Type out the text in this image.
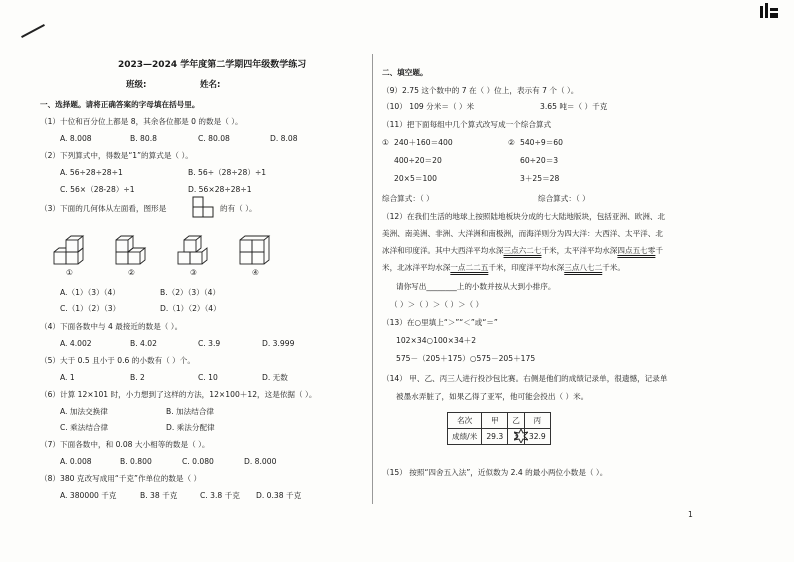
2023—2024 学年度第二学期四年级数学练习
班级:	姓名:
一、选择题。请将正确答案的字母填在括号里。
（1）十位和百分位上都是 8，其余各位都是 0 的数是（ ）。
A. 8.008	B. 80.8	C. 80.08	D. 8.08
（2）下列算式中，得数是“1”的算式是（ ）。
A. 56÷28÷28÷1	B. 56÷（28÷28）÷1
C. 56×（28-28）÷1	D. 56×28÷28÷1
（3）下面的几何体从左面看，图形是	的有（ ）。
①	②	③	④
A.（1）（3）（4）	B.（2）（3）（4）
C.（1）（2）（3）	D.（1）（2）（4）
（4）下面各数中与 4 最接近的数是（ ）。
A. 4.002	B. 4.02	C. 3.9	D. 3.999
（5）大于 0.5 且小于 0.6 的小数有（ ）个。
A. 1	B. 2	C. 10	D. 无数
（6）计算 12×101 时，小力想到了这样的方法，12×100＋12，这是依据（ ）。
A. 加法交换律	B. 加法结合律
C. 乘法结合律	D. 乘法分配律
（7）下面各数中，和 0.08 大小相等的数是（ ）。
A. 0.008	B. 0.800	C. 0.080	D. 8.000
（8）380 克改写成用“千克”作单位的数是（ ）
A. 380000 千克	B. 38 千克	C. 3.8 千克 D. 0.38 千克
二、填空题。
（9）2.75 这个数中的 7 在（ ）位上，表示有 7 个（ ）。
（10） 109 分米＝（ ）米	3.65 吨＝（ ）千克
（11）把下面每组中几个算式改写成一个综合算式
① 240＋160＝400
400÷20＝20
20×5＝100
② 540÷9＝60
60÷20＝3
3＋25＝28
综合算式：（ ）	综合算式：（ ）
（12）在我们生活的地球上按照陆地板块分成的七大陆地版块，包括亚洲、欧洲、北
美洲、南美洲、非洲、大洋洲和南极洲，而海洋则分为四大洋：大西洋、太平洋、北
冰洋和印度洋。其中大西洋平均水深三点六二七千米，太平洋平均水深四点五七零千
米，北冰洋平均水深一点二二五千米，印度洋平均水深三点八七二千米。
请你写出________上的小数并按从大到小排序。
（ ）＞（ ）＞（ ）＞（ ）
（13）在○里填上“＞”“＜”或“＝”
102×34○100×34＋2
575－（205＋175）○575－205＋175
（14） 甲、乙、丙三人进行投沙包比赛。右侧是他们的成绩记录单，很遗憾，记录单
被墨水弄脏了，如果乙得了亚军，他可能会投出（ ）米。
名次	甲	乙	丙
成绩/米	29.3	3	32.9
（15） 按照“四舍五入法”，近似数为 2.4 的最小两位小数是（ ）。
1
